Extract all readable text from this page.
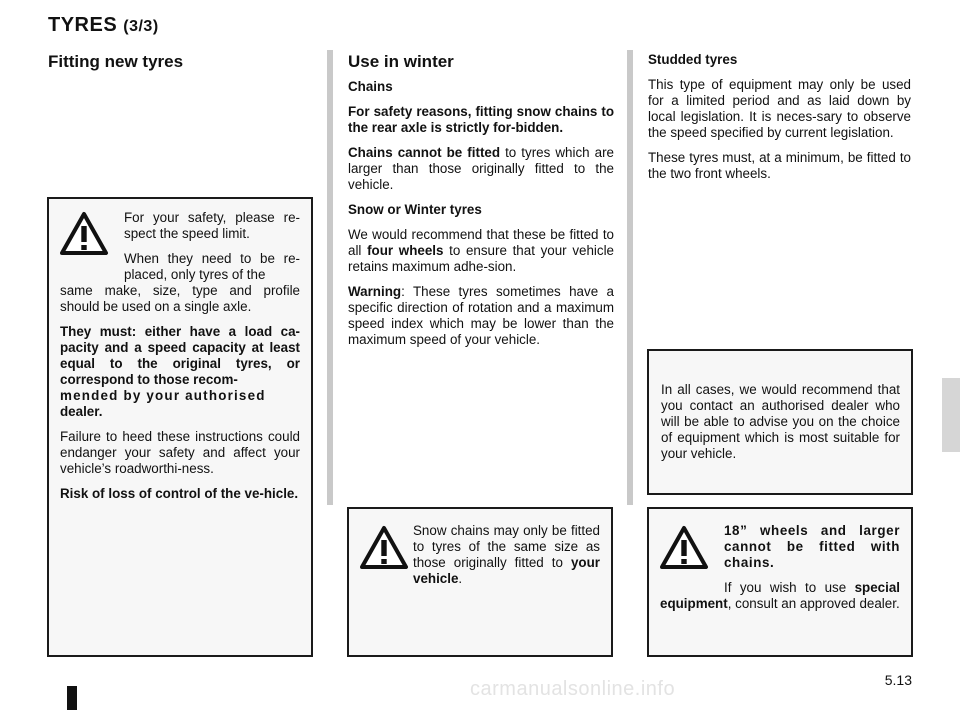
TYRES (3/3)
Fitting new tyres

For your safety, please re-spect the speed limit.

When they need to be re-placed, only tyres of the

same make, size, type and profile should be used on a single axle.

They must: either have a load ca-pacity and a speed capacity at least equal to the original tyres, or correspond to those recom-

mended by your authorised

dealer.

Failure to heed these instructions could endanger your safety and affect your vehicle’s roadworthi-ness.

Risk of loss of control of the ve-hicle.

Use in winter

Chains

For safety reasons, fitting snow chains to the rear axle is strictly for-bidden.

Chains cannot be fitted to tyres which are larger than those originally fitted to the vehicle.

Snow or Winter tyres

We would recommend that these be fitted to all four wheels to ensure that your vehicle retains maximum adhe-sion.

Warning: These tyres sometimes have a specific direction of rotation and a maximum speed index which may be lower than the maximum speed of your vehicle.

Snow chains may only be fitted to tyres of the same size as those originally fitted to your vehicle.

Studded tyres

This type of equipment may only be used for a limited period and as laid down by local legislation. It is neces-sary to observe the speed specified by current legislation.

These tyres must, at a minimum, be fitted to the two front wheels.

In all cases, we would recommend that you contact an authorised dealer who will be able to advise you on the choice of equipment which is most suitable for your vehicle.

18” wheels and larger cannot be fitted with chains.

If you wish to use special equipment, consult an approved dealer.

5.13
carmanualsonline.info
